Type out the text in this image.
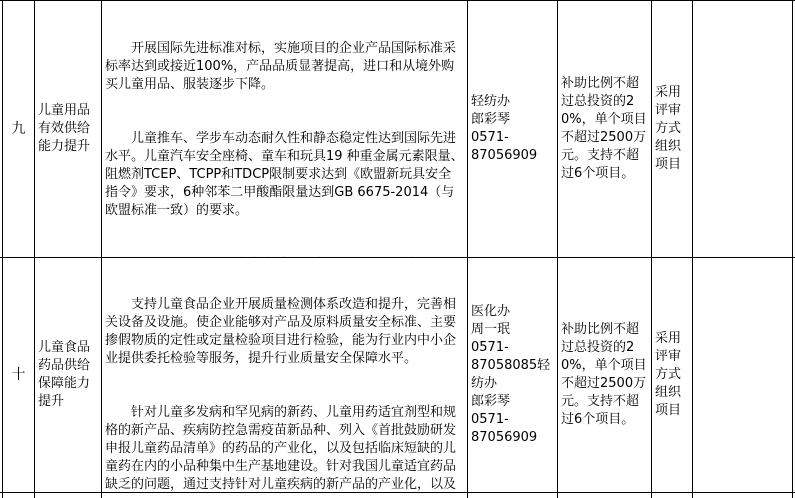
九
儿童用品有效供给能力提升

开展国际先进标准对标，实施项目的企业产品国际标准采标率达到或接近100%，产品品质显著提高，进口和从境外购买儿童用品、服装逐步下降。

儿童推车、学步车动态耐久性和静态稳定性达到国际先进水平。儿童汽车安全座椅、童车和玩具19 种重金属元素限量、阻燃剂TCEP、TCPP和TDCP限制要求达到《欧盟新玩具安全指令》要求，6种邻苯二甲酸酯限量达到GB 6675-2014（与欧盟标准一致）的要求。

轻纺办
郎彩琴
0571-
87056909
补助比例不超过总投资的20%，单个项目不超过2500万元。支持不超过6个项目。
采用评审方式组织项目
十
儿童食品药品供给保障能力提升

支持儿童食品企业开展质量检测体系改造和提升，完善相关设备及设施。使企业能够对产品及原料质量安全标准、主要掺假物质的定性或定量检验项目进行检验，能为行业内中小企业提供委托检验等服务，提升行业质量安全保障水平。

针对儿童多发病和罕见病的新药、儿童用药适宜剂型和规格的新产品、疾病防控急需疫苗新品种、列入《首批鼓励研发申报儿童药品清单》的药品的产业化，以及包括临床短缺的儿童药在内的小品种集中生产基地建设。针对我国儿童适宜药品缺乏的问题，通过支持针对儿童疾病的新产品的产业化，以及

医化办
周一珉
0571-
87058085轻纺办
郎彩琴
0571-
87056909
补助比例不超过总投资的20%，单个项目不超过2500万元。支持不超过6个项目。
采用评审方式组织项目
